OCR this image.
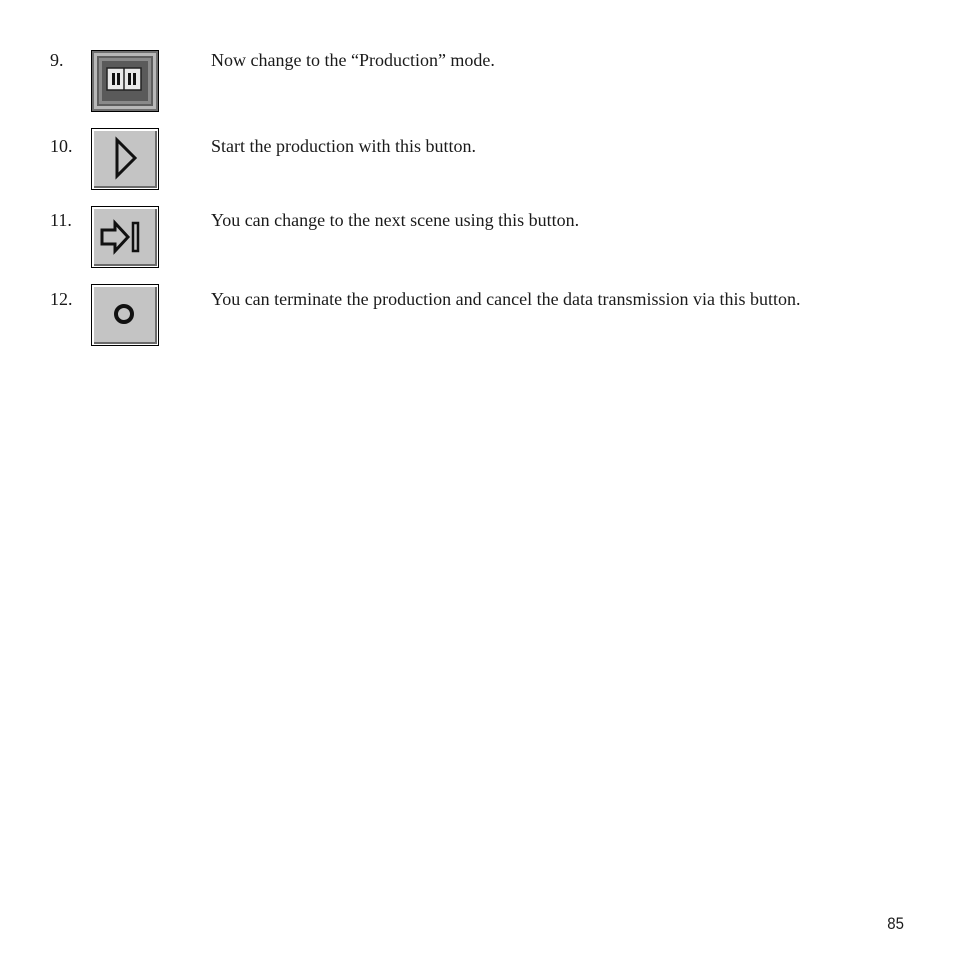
9.	Now change to the “Production” mode.
10.	Start the production with this button.
11.	You can change to the next scene using this button.
12.	You can terminate the production and cancel the data transmission via this button.
85
